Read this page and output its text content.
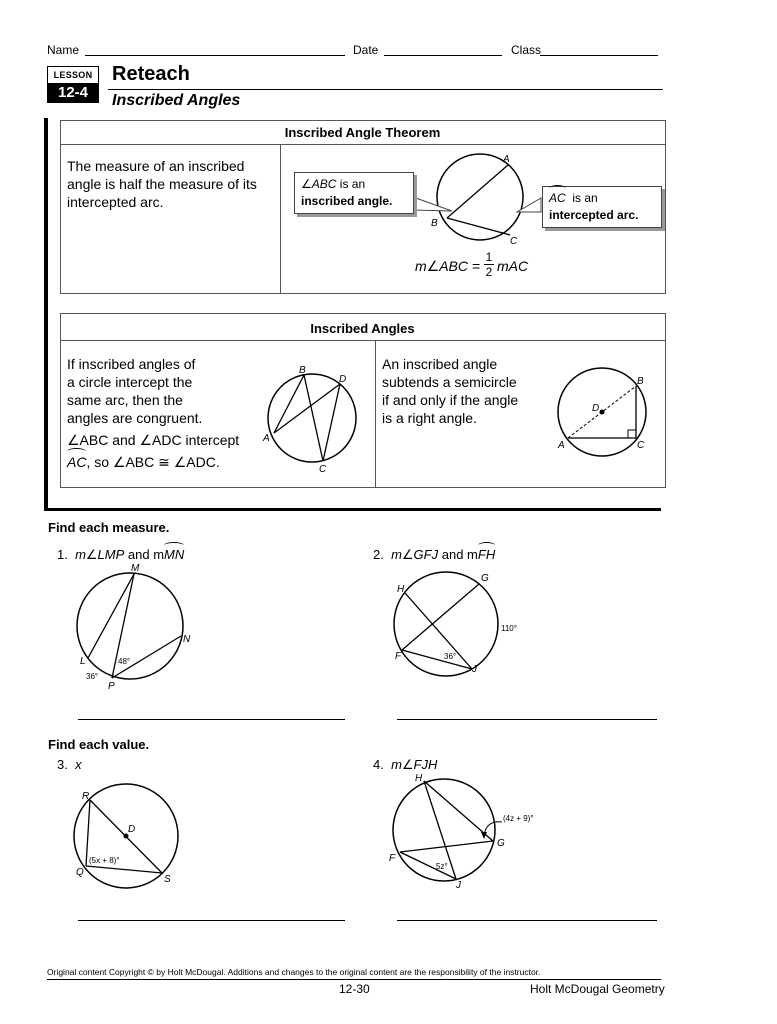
Name	Date	Class
LESSON
12-4
Reteach
Inscribed Angles
Inscribed Angle Theorem
The measure of an inscribed angle is half the measure of its intercepted arc.
A
B
C
∠ABC is an
inscribed angle.	AC is an
intercepted arc.
m∠ABC = $\frac{1}{2}$ mAC
Inscribed Angles
If inscribed angles of
a circle intercept the
same arc, then the
angles are congruent.
∠ABC and ∠ADC intercept
AC, so ∠ABC ≅ ∠ADC.
B
D
A
C
An inscribed angle
subtends a semicircle
if and only if the angle
is a right angle.
B
D
A	C
Find each measure.
1. m∠LMP and mMN	2. m∠GFJ and mFH
M
L
N
P
48°
36°
H
G
F
J
110°
36°
Find each value.
3. x	4. m∠FJH
R
D
Q
S
(5x + 8)°
H
G
F
J
(4z + 9)°
5z°
Original content Copyright © by Holt McDougal. Additions and changes to the original content are the responsibility of the instructor.
12-30	Holt McDougal Geometry
